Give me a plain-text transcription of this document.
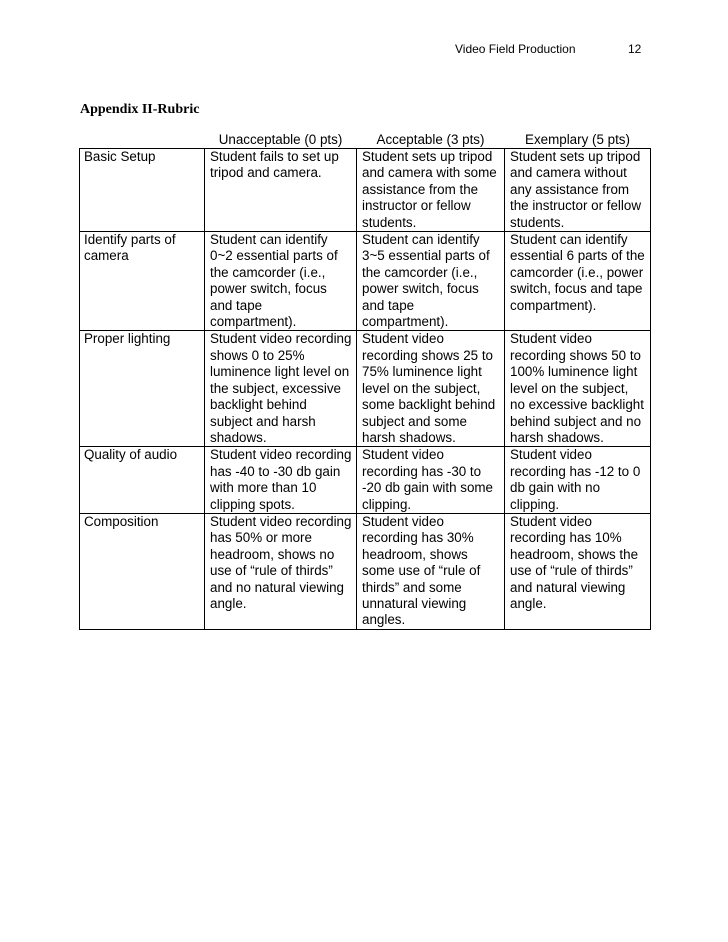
Video Field Production	12
Appendix II-Rubric
	Unacceptable (0 pts)	Acceptable (3 pts)	Exemplary (5 pts)
Basic Setup	Student fails to set up tripod and camera.	Student sets up tripod and camera with some assistance from the instructor or fellow students.	Student sets up tripod and camera without any assistance from the instructor or fellow students.
Identify parts of camera	Student can identify 0~2 essential parts of the camcorder (i.e., power switch, focus and tape compartment).	Student can identify 3~5 essential parts of the camcorder (i.e., power switch, focus and tape compartment).	Student can identify essential 6 parts of the camcorder (i.e., power switch, focus and tape compartment).
Proper lighting	Student video recording shows 0 to 25% luminence light level on the subject, excessive backlight behind subject and harsh shadows.	Student video recording shows 25 to 75% luminence light level on the subject, some backlight behind subject and some harsh shadows.	Student video recording shows 50 to 100% luminence light level on the subject, no excessive backlight behind subject and no harsh shadows.
Quality of audio	Student video recording has -40 to -30 db gain with more than 10 clipping spots.	Student video recording has -30 to -20 db gain with some clipping.	Student video recording has -12 to 0 db gain with no clipping.
Composition	Student video recording has 50% or more headroom, shows no use of “rule of thirds” and no natural viewing angle.	Student video recording has 30% headroom, shows some use of “rule of thirds” and some unnatural viewing angles.	Student video recording has 10% headroom, shows the use of “rule of thirds” and natural viewing angle.
